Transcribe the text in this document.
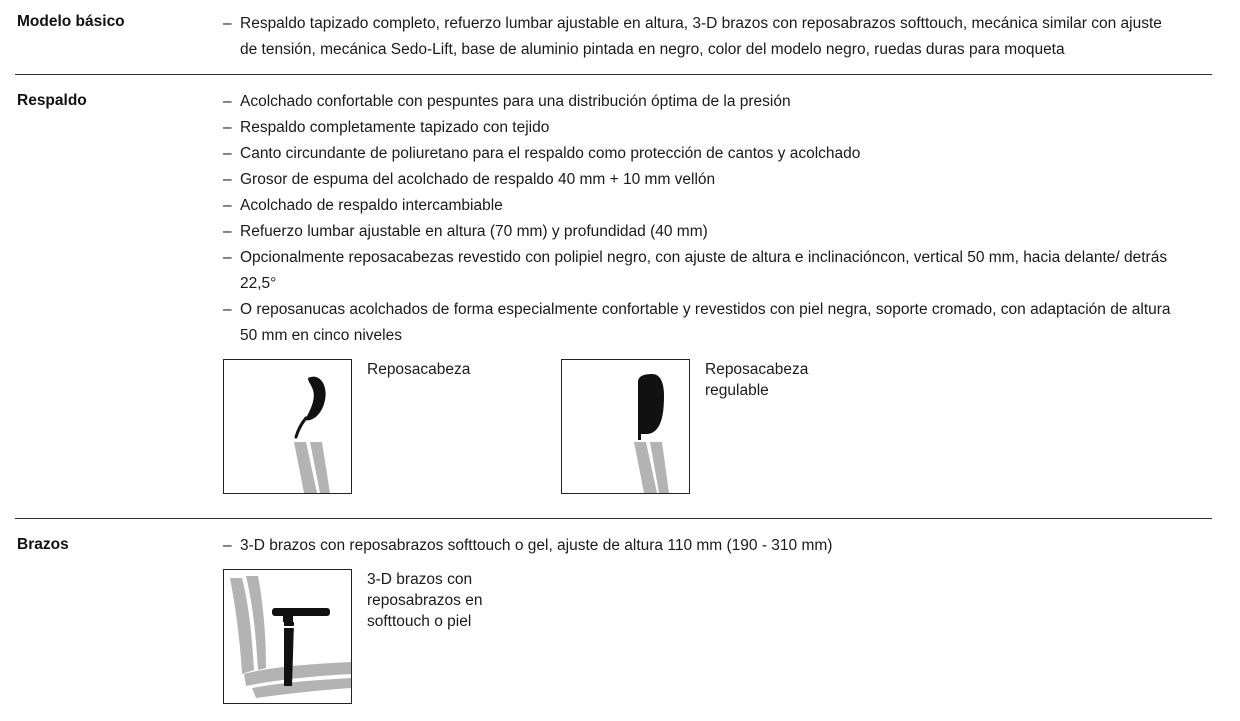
Modelo básico	– Respaldo tapizado completo, refuerzo lumbar ajustable en altura, 3-D brazos con reposabrazos softtouch, mecánica similar con ajuste de tensión, mecánica Sedo-Lift, base de aluminio pintada en negro, color del modelo negro, ruedas duras para moqueta
Respaldo	– Acolchado confortable con pespuntes para una distribución óptima de la presión
– Respaldo completamente tapizado con tejido
– Canto circundante de poliuretano para el respaldo como protección de cantos y acolchado
– Grosor de espuma del acolchado de respaldo 40 mm + 10 mm vellón
– Acolchado de respaldo intercambiable
– Refuerzo lumbar ajustable en altura (70 mm) y profundidad (40 mm)
– Opcionalmente reposacabezas revestido con polipiel negro, con ajuste de altura e inclinacióncon, vertical 50 mm, hacia delante/ detrás 22,5°
– O reposanucas acolchados de forma especialmente confortable y revestidos con piel negra, soporte cromado, con adaptación de altura 50 mm en cinco niveles
Reposacabeza	Reposacabeza
regulable
Brazos	– 3-D brazos con reposabrazos softtouch o gel, ajuste de altura 110 mm (190 - 310 mm)
3-D brazos con
reposabrazos en
softtouch o piel
